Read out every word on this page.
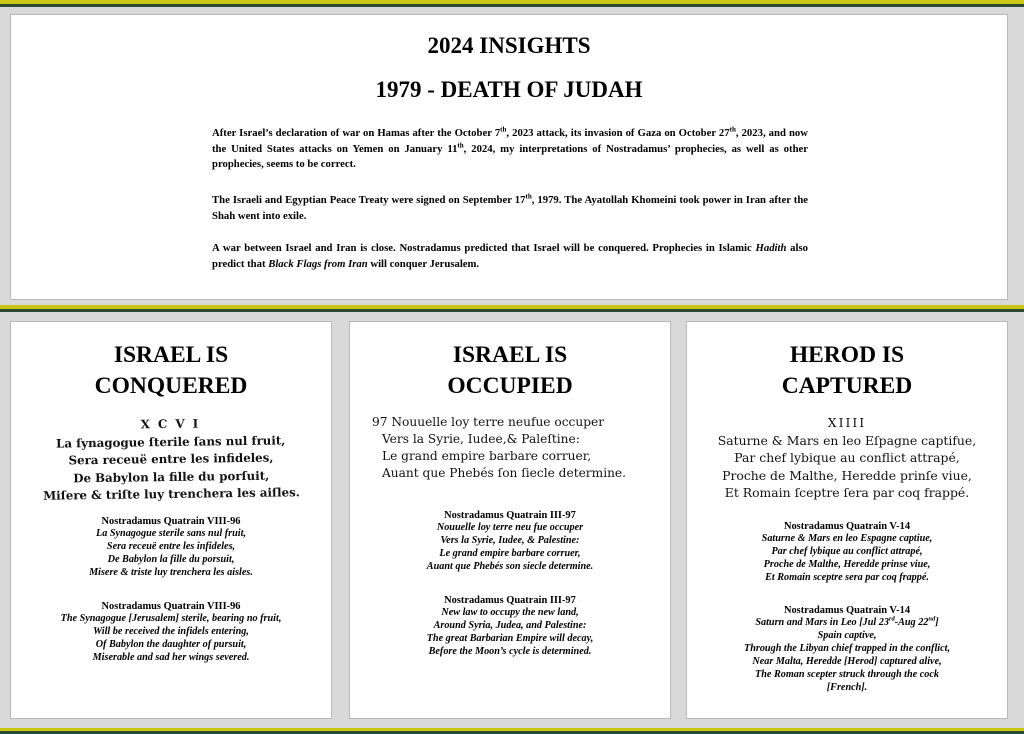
2024 INSIGHTS
1979 - DEATH OF JUDAH

After Israel’s declaration of war on Hamas after the October 7th, 2023 attack, its invasion of Gaza on October 27th, 2023, and now the United States attacks on Yemen on January 11th, 2024, my interpretations of Nostradamus’ prophecies, as well as other prophecies, seems to be correct.

The Israeli and Egyptian Peace Treaty were signed on September 17th, 1979. The Ayatollah Khomeini took power in Iran after the Shah went into exile.

A war between Israel and Iran is close. Nostradamus predicted that Israel will be conquered. Prophecies in Islamic Hadith also predict that Black Flags from Iran will conquer Jerusalem.

ISRAEL IS
CONQUERED
X C V I
La ſynagogue ſterile ſans nul fruit,
Sera receuë entre les infideles,
De Babylon la fille du porſuit,
Miſere & triſte luy trenchera les aiſles.

Nostradamus Quatrain VIII-96

La Synagogue sterile sans nul fruit,

Sera receuë entre les infideles,

De Babylon la fille du porsuit,

Misere & triste luy trenchera les aisles.

Nostradamus Quatrain VIII-96

The Synagogue [Jerusalem] sterile, bearing no fruit,

Will be received the infidels entering,

Of Babylon the daughter of pursuit,

Miserable and sad her wings severed.

ISRAEL IS
OCCUPIED
97 Nouuelle loy terre neufue occuper
Vers la Syrie, Iudee,& Paleſtine:
Le grand empire barbare corruer,
Auant que Phebés ſon ſiecle determine.

Nostradamus Quatrain III-97

Nouuelle loy terre neu fue occuper

Vers la Syrie, Iudee, & Palestine:

Le grand empire barbare corruer,

Auant que Phebés son siecle determine.

Nostradamus Quatrain III-97

New law to occupy the new land,

Around Syria, Judea, and Palestine:

The great Barbarian Empire will decay,

Before the Moon’s cycle is determined.

HEROD IS
CAPTURED
XIIII
Saturne & Mars en leo Eſpagne captifue,
Par chef lybique au conflict attrapé,
Proche de Malthe, Heredde prinſe viue,
Et Romain ſceptre ſera par coq frappé.

Nostradamus Quatrain V-14

Saturne & Mars en leo Espagne captiue,

Par chef lybique au conflict attrapé,

Proche de Malthe, Heredde prinse viue,

Et Romain sceptre sera par coq frappé.

Nostradamus Quatrain V-14

Saturn and Mars in Leo [Jul 23rd-Aug 22nd]

Spain captive,

Through the Libyan chief trapped in the conflict,

Near Malta, Heredde [Herod] captured alive,

The Roman scepter struck through the cock

[French].
